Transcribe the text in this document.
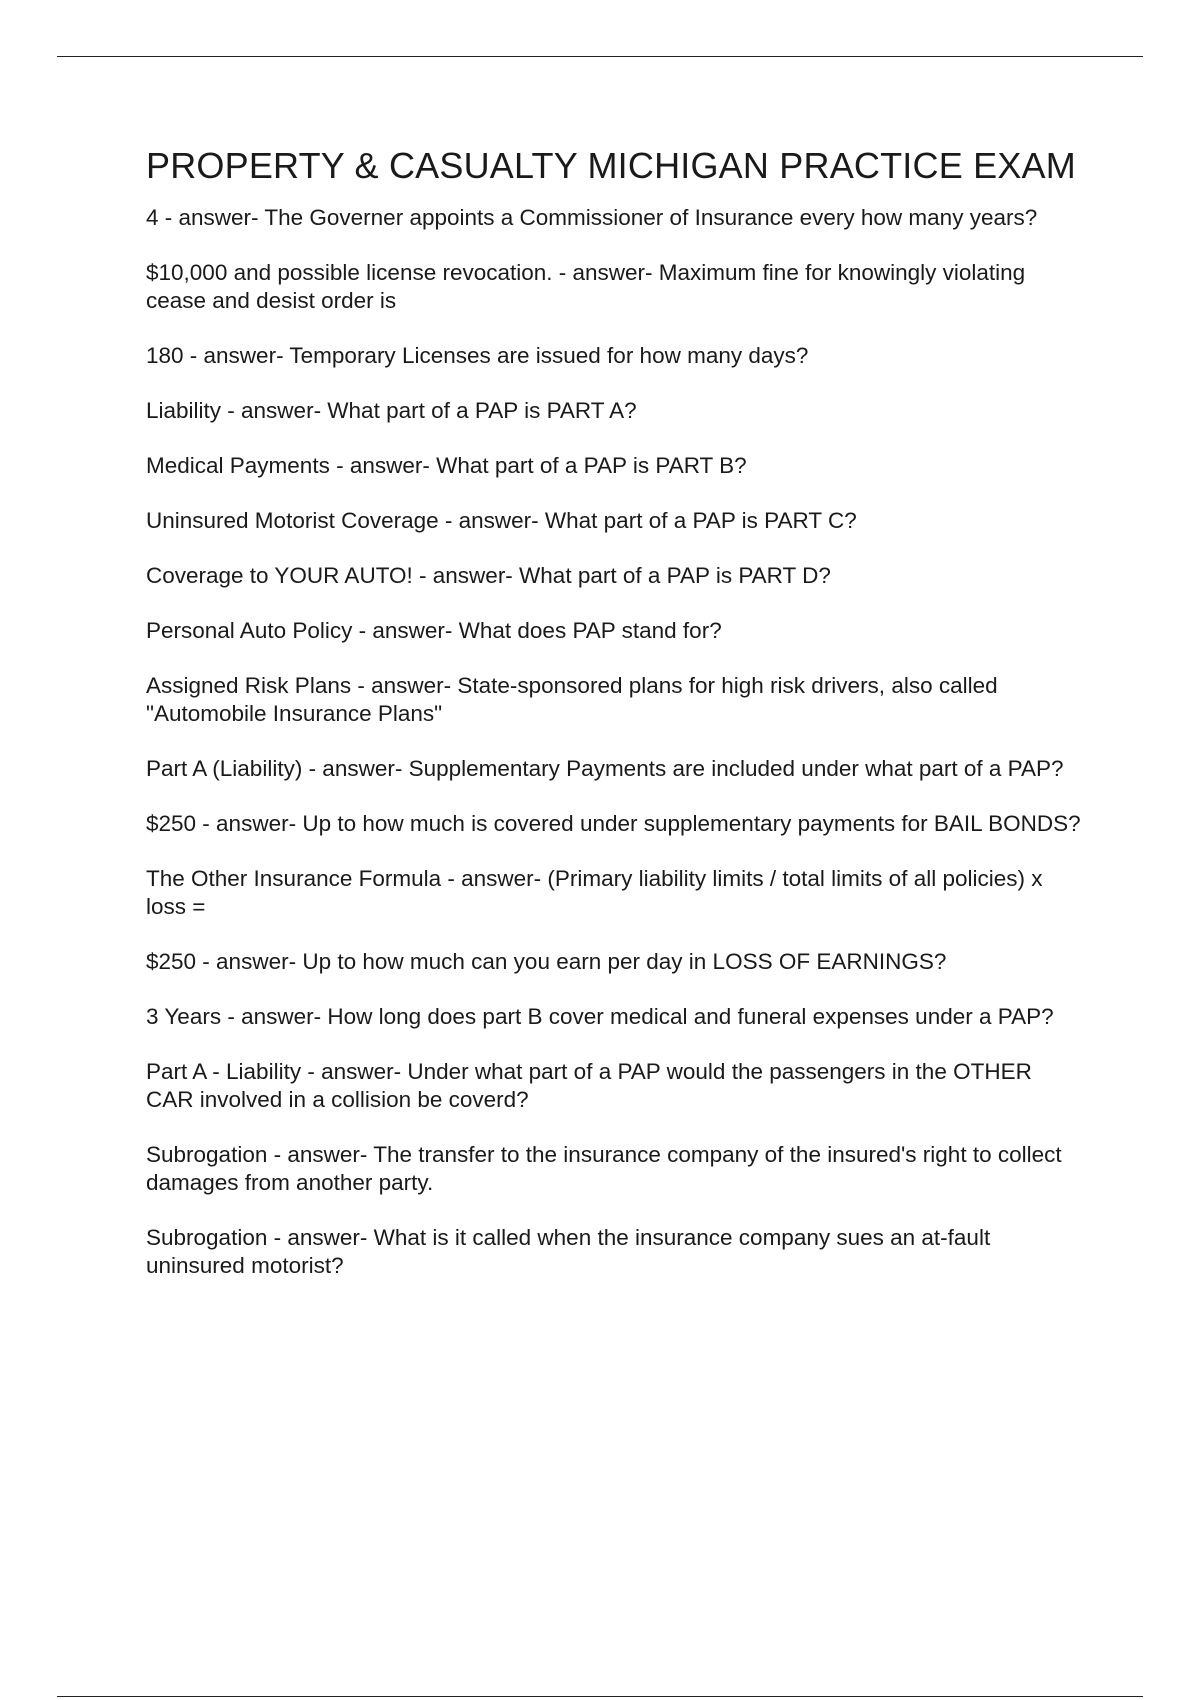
PROPERTY & CASUALTY MICHIGAN PRACTICE EXAM

4 - answer- The Governer appoints a Commissioner of Insurance every how many years?

$10,000 and possible license revocation. - answer- Maximum fine for knowingly violating cease and desist order is

180 - answer- Temporary Licenses are issued for how many days?

Liability - answer- What part of a PAP is PART A?

Medical Payments - answer- What part of a PAP is PART B?

Uninsured Motorist Coverage - answer- What part of a PAP is PART C?

Coverage to YOUR AUTO! - answer- What part of a PAP is PART D?

Personal Auto Policy - answer- What does PAP stand for?

Assigned Risk Plans - answer- State-sponsored plans for high risk drivers, also called "Automobile Insurance Plans"

Part A (Liability) - answer- Supplementary Payments are included under what part of a PAP?

$250 - answer- Up to how much is covered under supplementary payments for BAIL BONDS?

The Other Insurance Formula - answer- (Primary liability limits / total limits of all policies) x loss =

$250 - answer- Up to how much can you earn per day in LOSS OF EARNINGS?

3 Years - answer- How long does part B cover medical and funeral expenses under a PAP?

Part A - Liability - answer- Under what part of a PAP would the passengers in the OTHER CAR involved in a collision be coverd?

Subrogation - answer- The transfer to the insurance company of the insured's right to collect damages from another party.

Subrogation - answer- What is it called when the insurance company sues an at-fault uninsured motorist?
